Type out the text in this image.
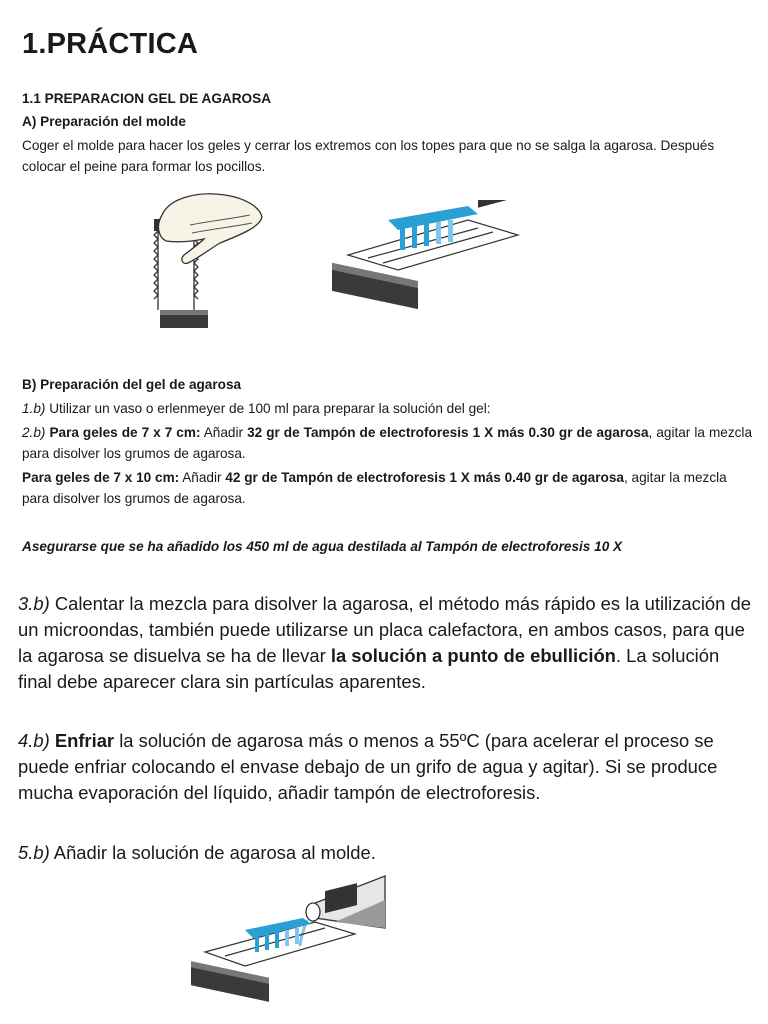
1.PRÁCTICA
1.1 PREPARACION GEL DE AGAROSA
A) Preparación del molde

Coger el molde para hacer los geles y cerrar los extremos con los topes para que no se salga la agarosa. Después colocar el peine para formar los pocillos.

B) Preparación del gel de agarosa

1.b) Utilizar un vaso o erlenmeyer de 100 ml para preparar la solución del gel:

2.b) Para geles de 7 x 7 cm: Añadir 32 gr de Tampón de electroforesis 1 X más 0.30 gr de agarosa, agitar la mezcla para disolver los grumos de agarosa.

Para geles de 7 x 10 cm: Añadir 42 gr de Tampón de electroforesis 1 X más 0.40 gr de agarosa, agitar la mezcla para disolver los grumos de agarosa.

Asegurarse que se ha añadido los 450 ml de agua destilada al Tampón de electroforesis 10 X

3.b) Calentar la mezcla para disolver la agarosa, el método más rápido es la utilización de un microondas, también puede utilizarse un placa calefactora, en ambos casos, para que la agarosa se disuelva se ha de llevar la solución a punto de ebullición. La solución final debe aparecer clara sin partículas aparentes.

4.b) Enfriar la solución de agarosa más o menos a 55ºC (para acelerar el proceso se puede enfriar colocando el envase debajo de un grifo de agua y agitar). Si se produce mucha evaporación del líquido, añadir tampón de electroforesis.

5.b) Añadir la solución de agarosa al molde.
